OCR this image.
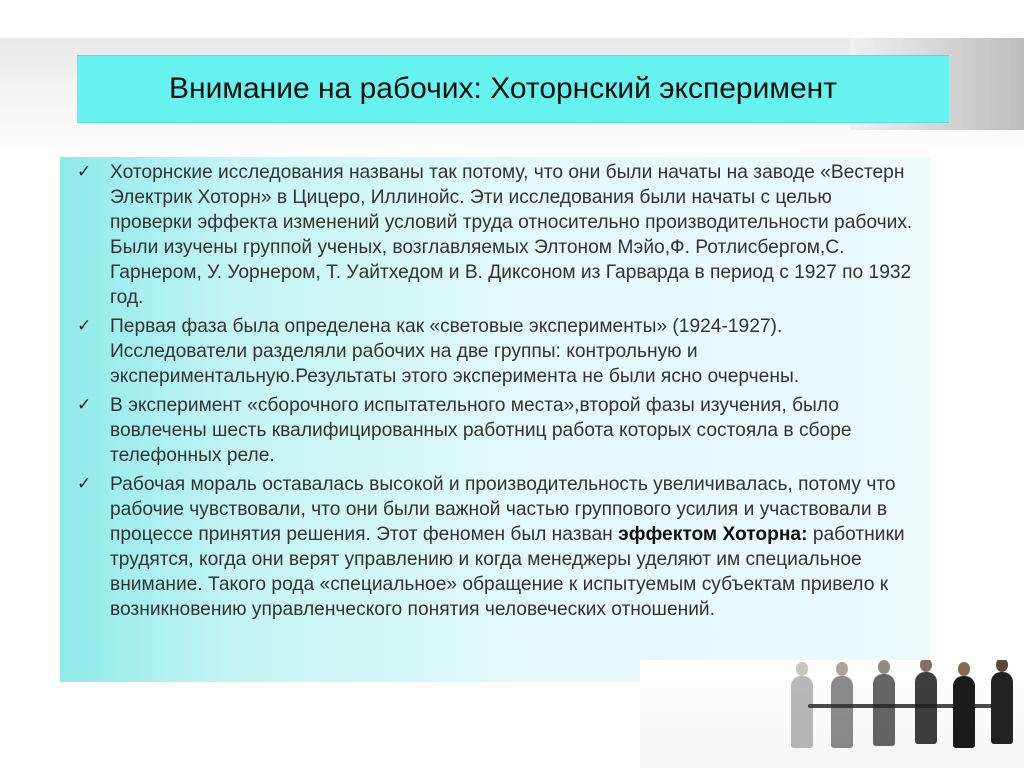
Внимание на рабочих: Хоторнский эксперимент
✓ Хоторнские исследования названы так потому, что они были начаты на заводе «Вестерн Электрик Хоторн» в Цицеро, Иллинойс. Эти исследования были начаты с целью проверки эффекта изменений условий труда относительно производительности рабочих. Были изучены группой ученых, возглавляемых Элтоном Мэйо,Ф. Ротлисбергом,С. Гарнером, У. Уорнером, Т. Уайтхедом и В. Диксоном из Гарварда в период с 1927 по 1932 год.
✓ Первая фаза была определена как «световые эксперименты» (1924-1927). Исследователи разделяли рабочих на две группы: контрольную и экспериментальную.Результаты этого эксперимента не были ясно очерчены.
✓ В эксперимент «сборочного испытательного места»,второй фазы изучения, было вовлечены шесть квалифицированных работниц работа которых состояла в сборе телефонных реле.
✓ Рабочая мораль оставалась высокой и производительность увеличивалась, потому что рабочие чувствовали, что они были важной частью группового усилия и участвовали в процессе принятия решения. Этот феномен был назван эффектом Хоторна: работники трудятся, когда они верят управлению и когда менеджеры уделяют им специальное внимание. Такого рода «специальное» обращение к испытуемым субъектам привело к возникновению управленческого понятия человеческих отношений.
